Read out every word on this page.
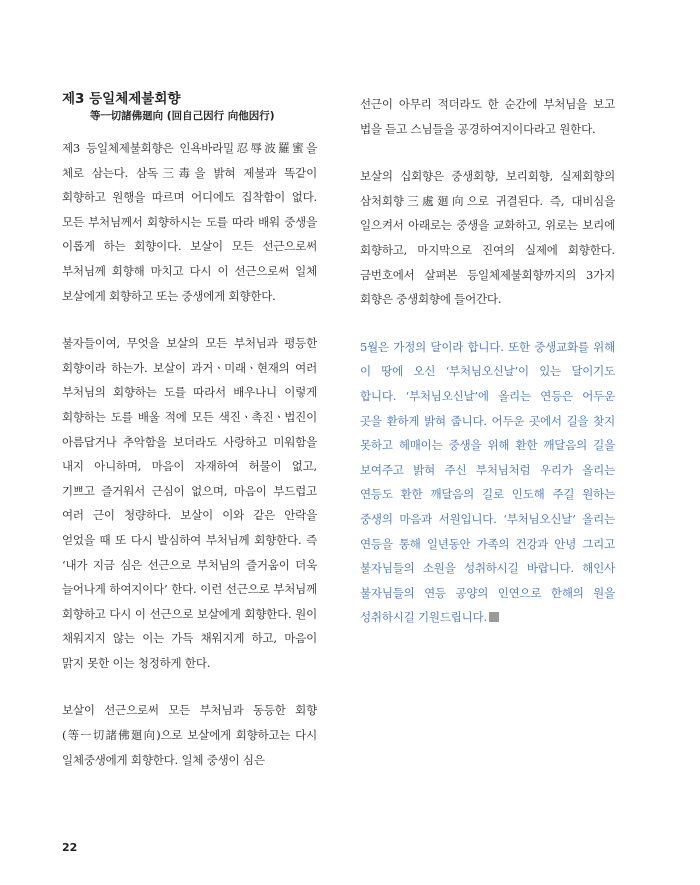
제3 등일체제불회향
等ㅡ切諸佛廻向 (回自己因行 向他因行)

제3 등일체제불회향은 인욕바라밀忍辱波羅蜜을 체로 삼는다. 삼독三毒을 밝혀 제불과 똑같이 회향하고 원행을 따르며 어디에도 집착함이 없다. 모든 부처님께서 회향하시는 도를 따라 배워 중생을 이롭게 하는 회향이다. 보살이 모든 선근으로써 부처님께 회향해 마치고 다시 이 선근으로써 일체 보살에게 회향하고 또는 중생에게 회향한다.

불자들이여, 무엇을 보살의 모든 부처님과 평등한 회향이라 하는가. 보살이 과거ㆍ미래ㆍ현재의 여러 부처님의 회향하는 도를 따라서 배우나니 이렇게 회향하는 도를 배울 적에 모든 색진ㆍ촉진ㆍ법진이 아름답거나 추악함을 보더라도 사랑하고 미워함을 내지 아니하며, 마음이 자재하여 허물이 없고, 기쁘고 즐거워서 근심이 없으며, 마음이 부드럽고 여러 근이 청량하다. 보살이 이와 같은 안락을 얻었을 때 또 다시 발심하여 부처님께 회향한다. 즉 ‘내가 지금 심은 선근으로 부처님의 즐거움이 더욱 늘어나게 하여지이다’ 한다. 이런 선근으로 부처님께 회향하고 다시 이 선근으로 보살에게 회향한다. 원이 채워지지 않는 이는 가득 채워지게 하고, 마음이 맑지 못한 이는 청정하게 한다.

보살이 선근으로써 모든 부처님과 동등한 회향(等ㅡ切諸佛廻向)으로 보살에게 회향하고는 다시 일체중생에게 회향한다. 일체 중생이 심은

선근이 아무리 적더라도 한 순간에 부처님을 보고 법을 듣고 스님들을 공경하여지이다라고 원한다.

보살의 십회향은 중생회향, 보리회향, 실제회향의 삼처회향三處廻向으로 귀결된다. 즉, 대비심을 일으켜서 아래로는 중생을 교화하고, 위로는 보리에 회향하고, 마지막으로 진여의 실제에 회향한다. 금번호에서 살펴본 등일체제불회향까지의 3가지 회향은 중생회향에 들어간다.

5월은 가정의 달이라 합니다. 또한 중생교화를 위해 이 땅에 오신 ‘부처님오신날’이 있는 달이기도 합니다. ‘부처님오신날’에 올리는 연등은 어두운 곳을 환하게 밝혀 줍니다. 어두운 곳에서 길을 찾지 못하고 헤매이는 중생을 위해 환한 깨달음의 길을 보여주고 밝혀 주신 부처님처럼 우리가 올리는 연등도 환한 깨달음의 길로 인도해 주길 원하는 중생의 마음과 서원입니다. ‘부처님오신날’ 올리는 연등을 통해 일년동안 가족의 건강과 안녕 그리고 불자님들의 소원을 성취하시길 바랍니다. 해인사 불자님들의 연등 공양의 인연으로 한해의 원을 성취하시길 기원드립니다.

22
